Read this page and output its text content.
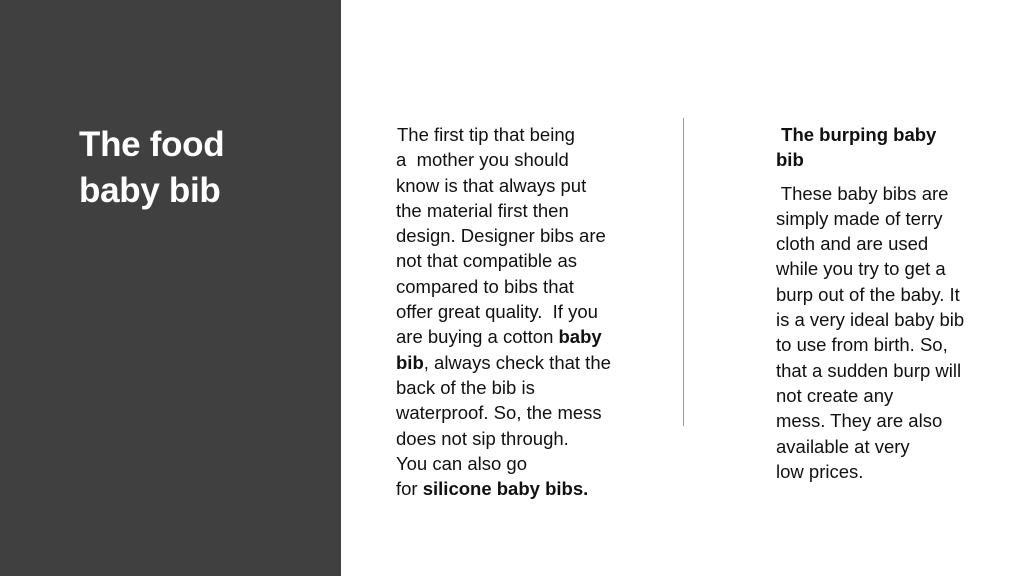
The food
baby bib
The first tip that being
a  mother you should
know is that always put
the material first then
design. Designer bibs are
not that compatible as
compared to bibs that
offer great quality.  If you
are buying a cotton baby
bib, always check that the
back of the bib is
waterproof. So, the mess
does not sip through.
You can also go
for silicone baby bibs.
The burping baby
bib
These baby bibs are
simply made of terry
cloth and are used
while you try to get a
burp out of the baby. It
is a very ideal baby bib
to use from birth. So,
that a sudden burp will
not create any
mess. They are also
available at very
low prices.
